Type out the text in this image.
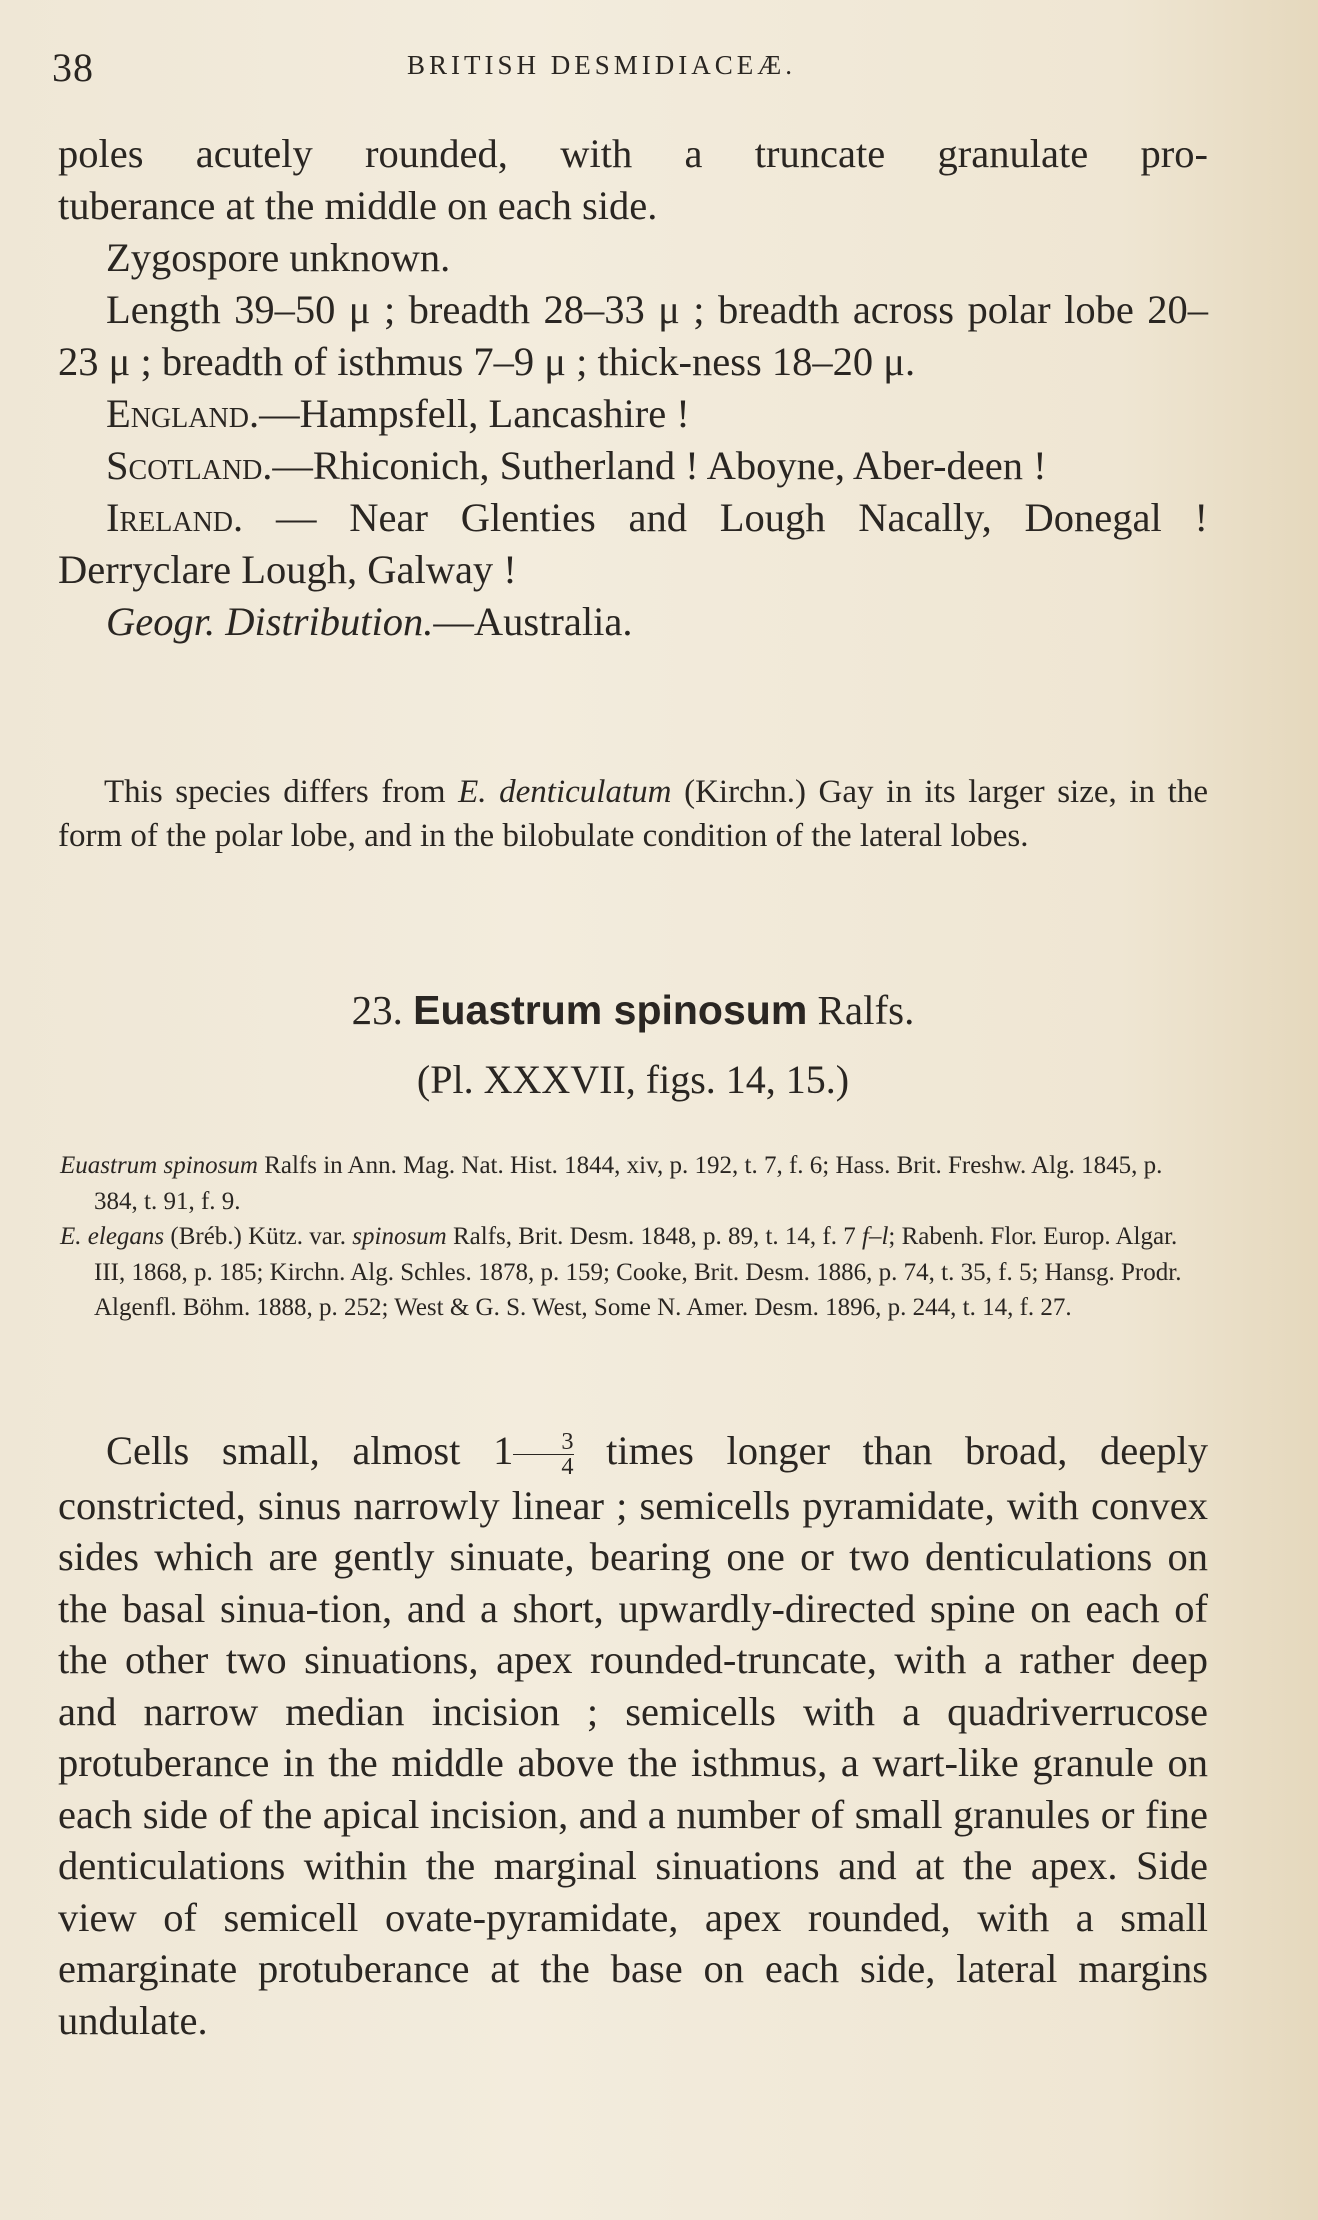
38	BRITISH DESMIDIACEÆ.

poles acutely rounded, with a truncate granulate pro-

tuberance at the middle on each side.

Zygospore unknown.

Length 39–50 μ ; breadth 28–33 μ ; breadth across polar lobe 20–23 μ ; breadth of isthmus 7–9 μ ; thick-ness 18–20 μ.

England.—Hampsfell, Lancashire !

Scotland.—Rhiconich, Sutherland ! Aboyne, Aber-deen !

Ireland. — Near Glenties and Lough Nacally, Donegal ! Derryclare Lough, Galway !

Geogr. Distribution.—Australia.

This species differs from E. denticulatum (Kirchn.) Gay in its larger size, in the form of the polar lobe, and in the bilobulate condition of the lateral lobes.

23. Euastrum spinosum Ralfs.
(Pl. XXXVII, figs. 14, 15.)

Euastrum spinosum Ralfs in Ann. Mag. Nat. Hist. 1844, xiv, p. 192, t. 7, f. 6; Hass. Brit. Freshw. Alg. 1845, p. 384, t. 91, f. 9.

E. elegans (Bréb.) Kütz. var. spinosum Ralfs, Brit. Desm. 1848, p. 89, t. 14, f. 7 f–l; Rabenh. Flor. Europ. Algar. III, 1868, p. 185; Kirchn. Alg. Schles. 1878, p. 159; Cooke, Brit. Desm. 1886, p. 74, t. 35, f. 5; Hansg. Prodr. Algenfl. Böhm. 1888, p. 252; West & G. S. West, Some N. Amer. Desm. 1896, p. 244, t. 14, f. 27.

Cells small, almost $1 \frac{3}{4}$ times longer than broad, deeply constricted, sinus narrowly linear ; semicells pyramidate, with convex sides which are gently sinuate, bearing one or two denticulations on the basal sinua-tion, and a short, upwardly-directed spine on each of the other two sinuations, apex rounded-truncate, with a rather deep and narrow median incision ; semicells with a quadriverrucose protuberance in the middle above the isthmus, a wart-like granule on each side of the apical incision, and a number of small granules or fine denticulations within the marginal sinuations and at the apex. Side view of semicell ovate-pyramidate, apex rounded, with a small emarginate protuberance at the base on each side, lateral margins undulate.
